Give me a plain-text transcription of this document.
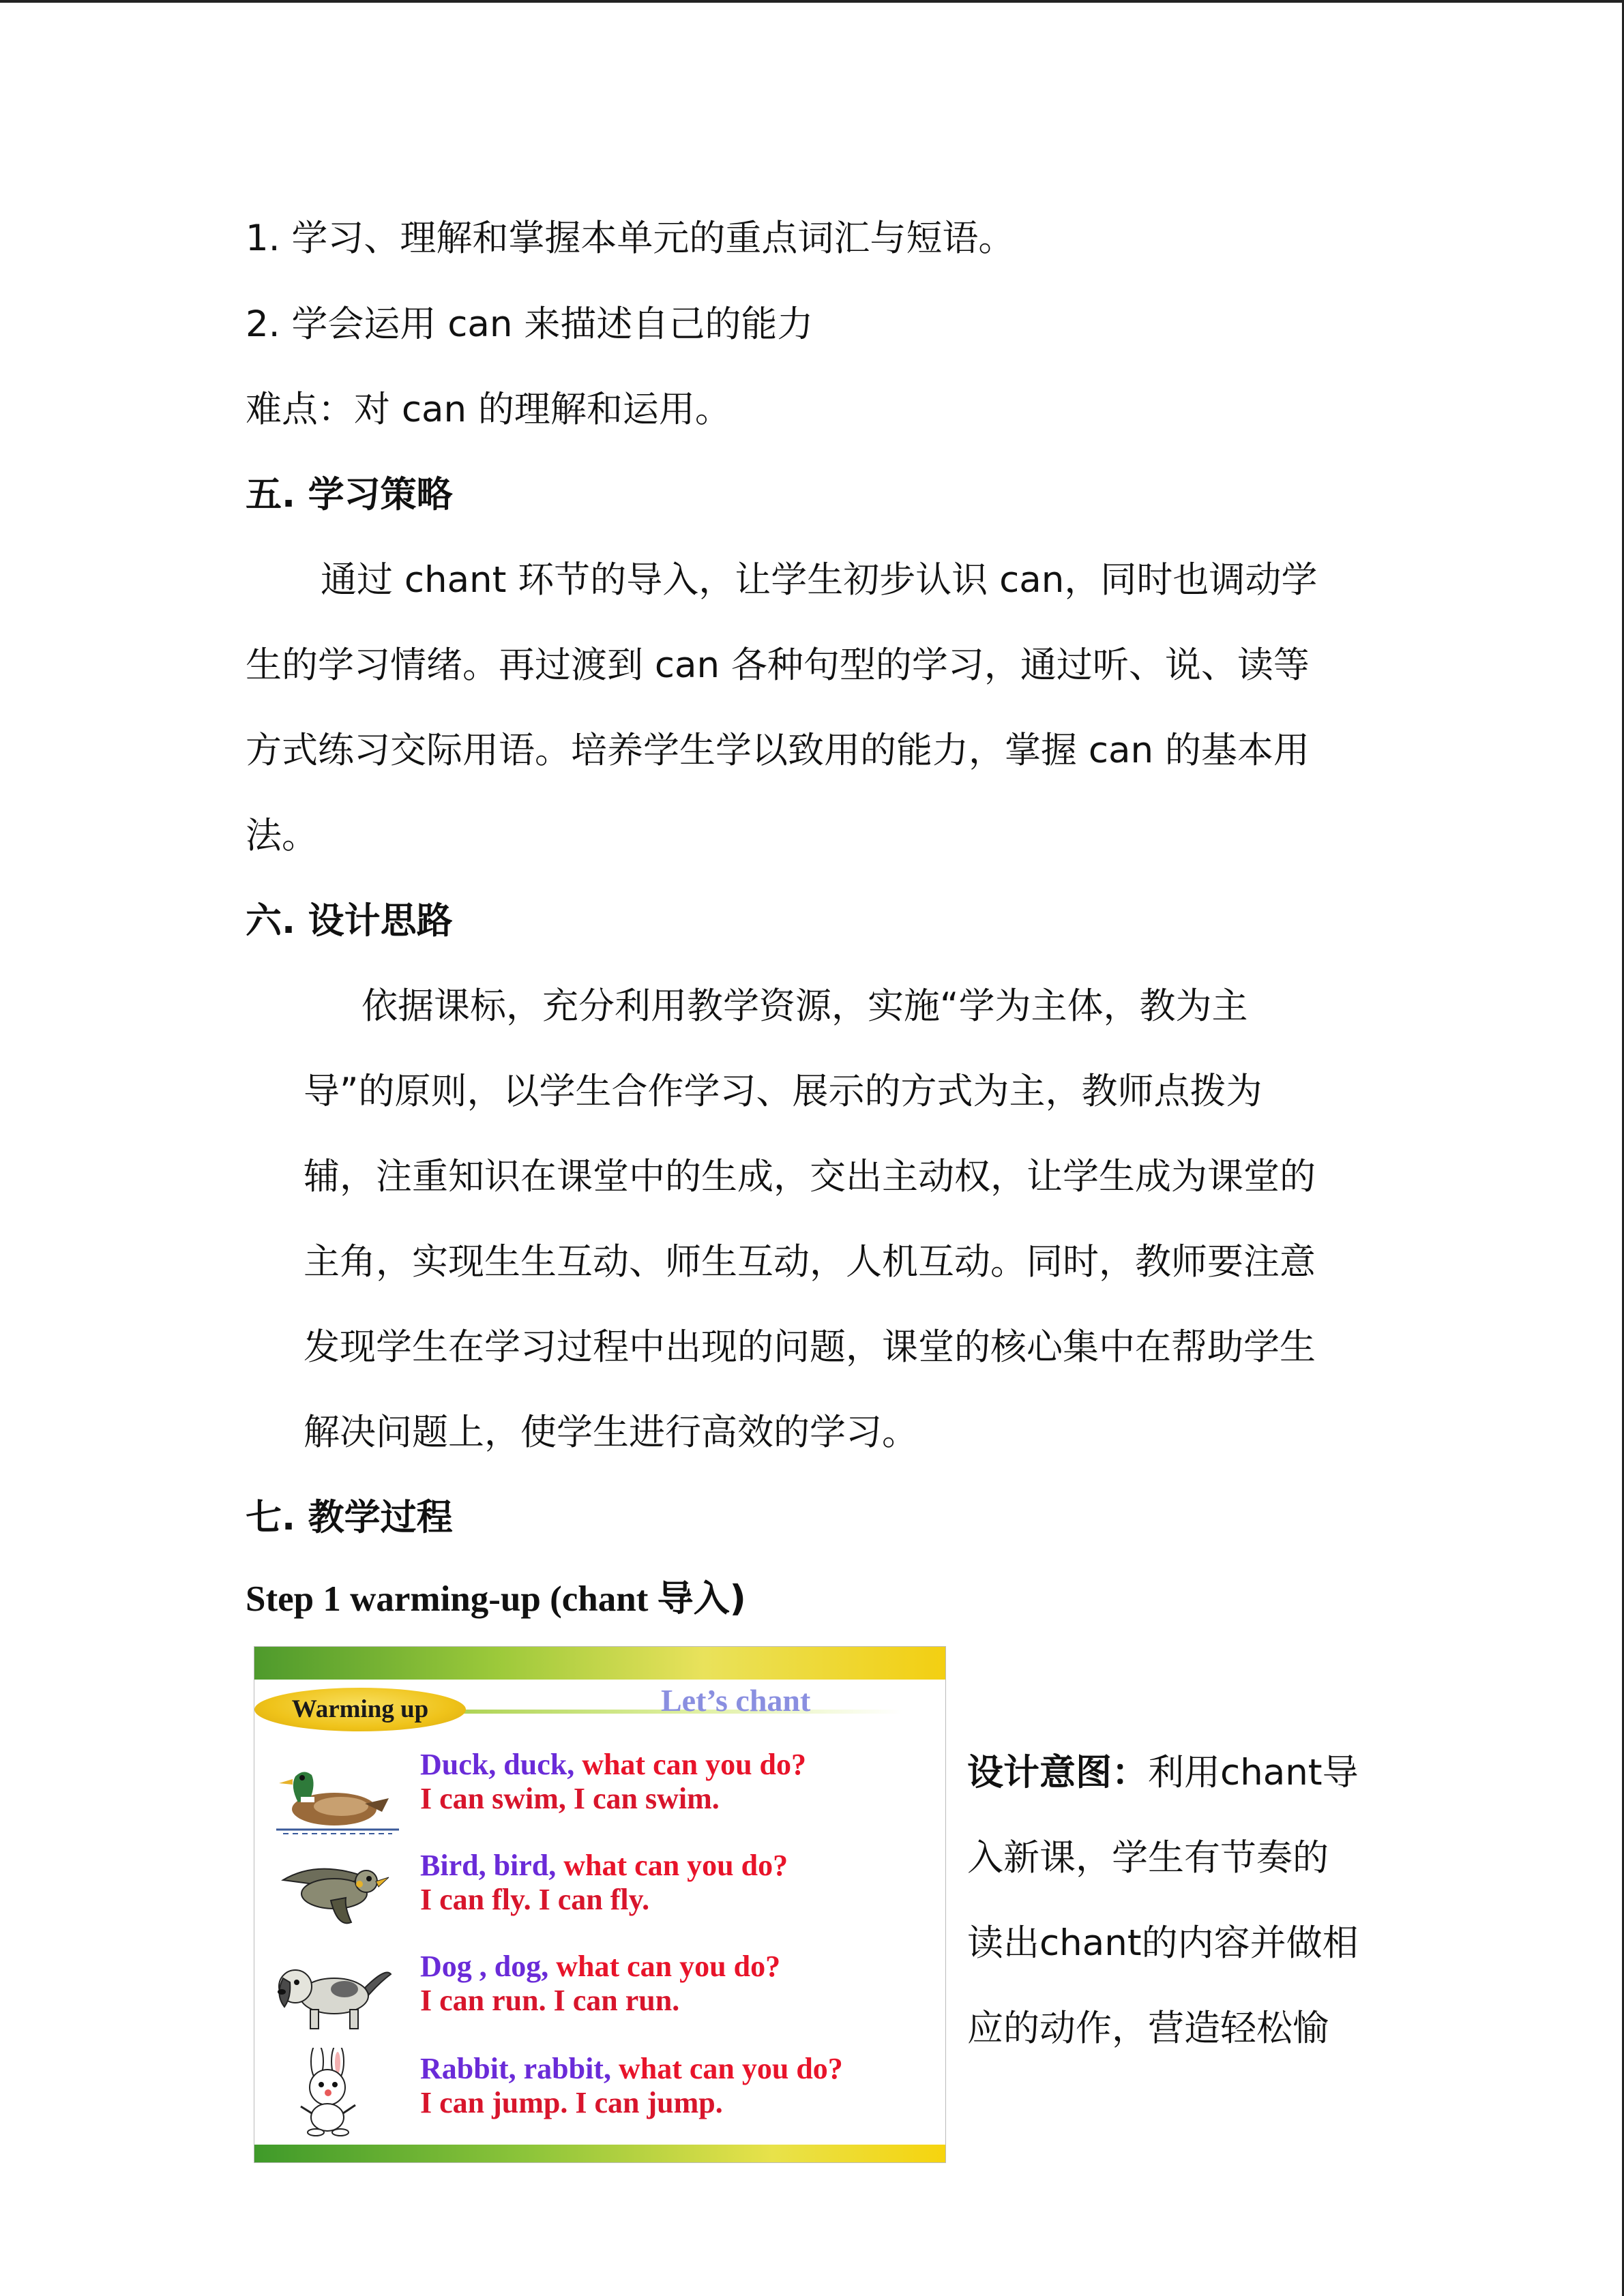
1. 学习、理解和掌握本单元的重点词汇与短语。
2. 学会运用 can 来描述自己的能力
难点：对 can 的理解和运用。
五. 学习策略
通过 chant 环节的导入，让学生初步认识 can，同时也调动学
生的学习情绪。再过渡到 can 各种句型的学习，通过听、说、读等
方式练习交际用语。培养学生学以致用的能力，掌握 can 的基本用
法。
六. 设计思路
依据课标，充分利用教学资源，实施“学为主体，教为主
导”的原则，以学生合作学习、展示的方式为主，教师点拨为
辅，注重知识在课堂中的生成，交出主动权，让学生成为课堂的
主角，实现生生互动、师生互动，人机互动。同时，教师要注意
发现学生在学习过程中出现的问题，课堂的核心集中在帮助学生
解决问题上，使学生进行高效的学习。
七. 教学过程
Step 1 warming-up (chant 导入)
Warming up	Let’s chant
Duck, duck, what can you do?
I can swim, I can swim.
Bird, bird, what can you do?
I can fly. I can fly.
Dog , dog, what can you do?
I can run. I can run.
Rabbit, rabbit, what can you do?
I can jump. I can jump.
设计意图：利用chant导
入新课，学生有节奏的
读出chant的内容并做相
应的动作，营造轻松愉
